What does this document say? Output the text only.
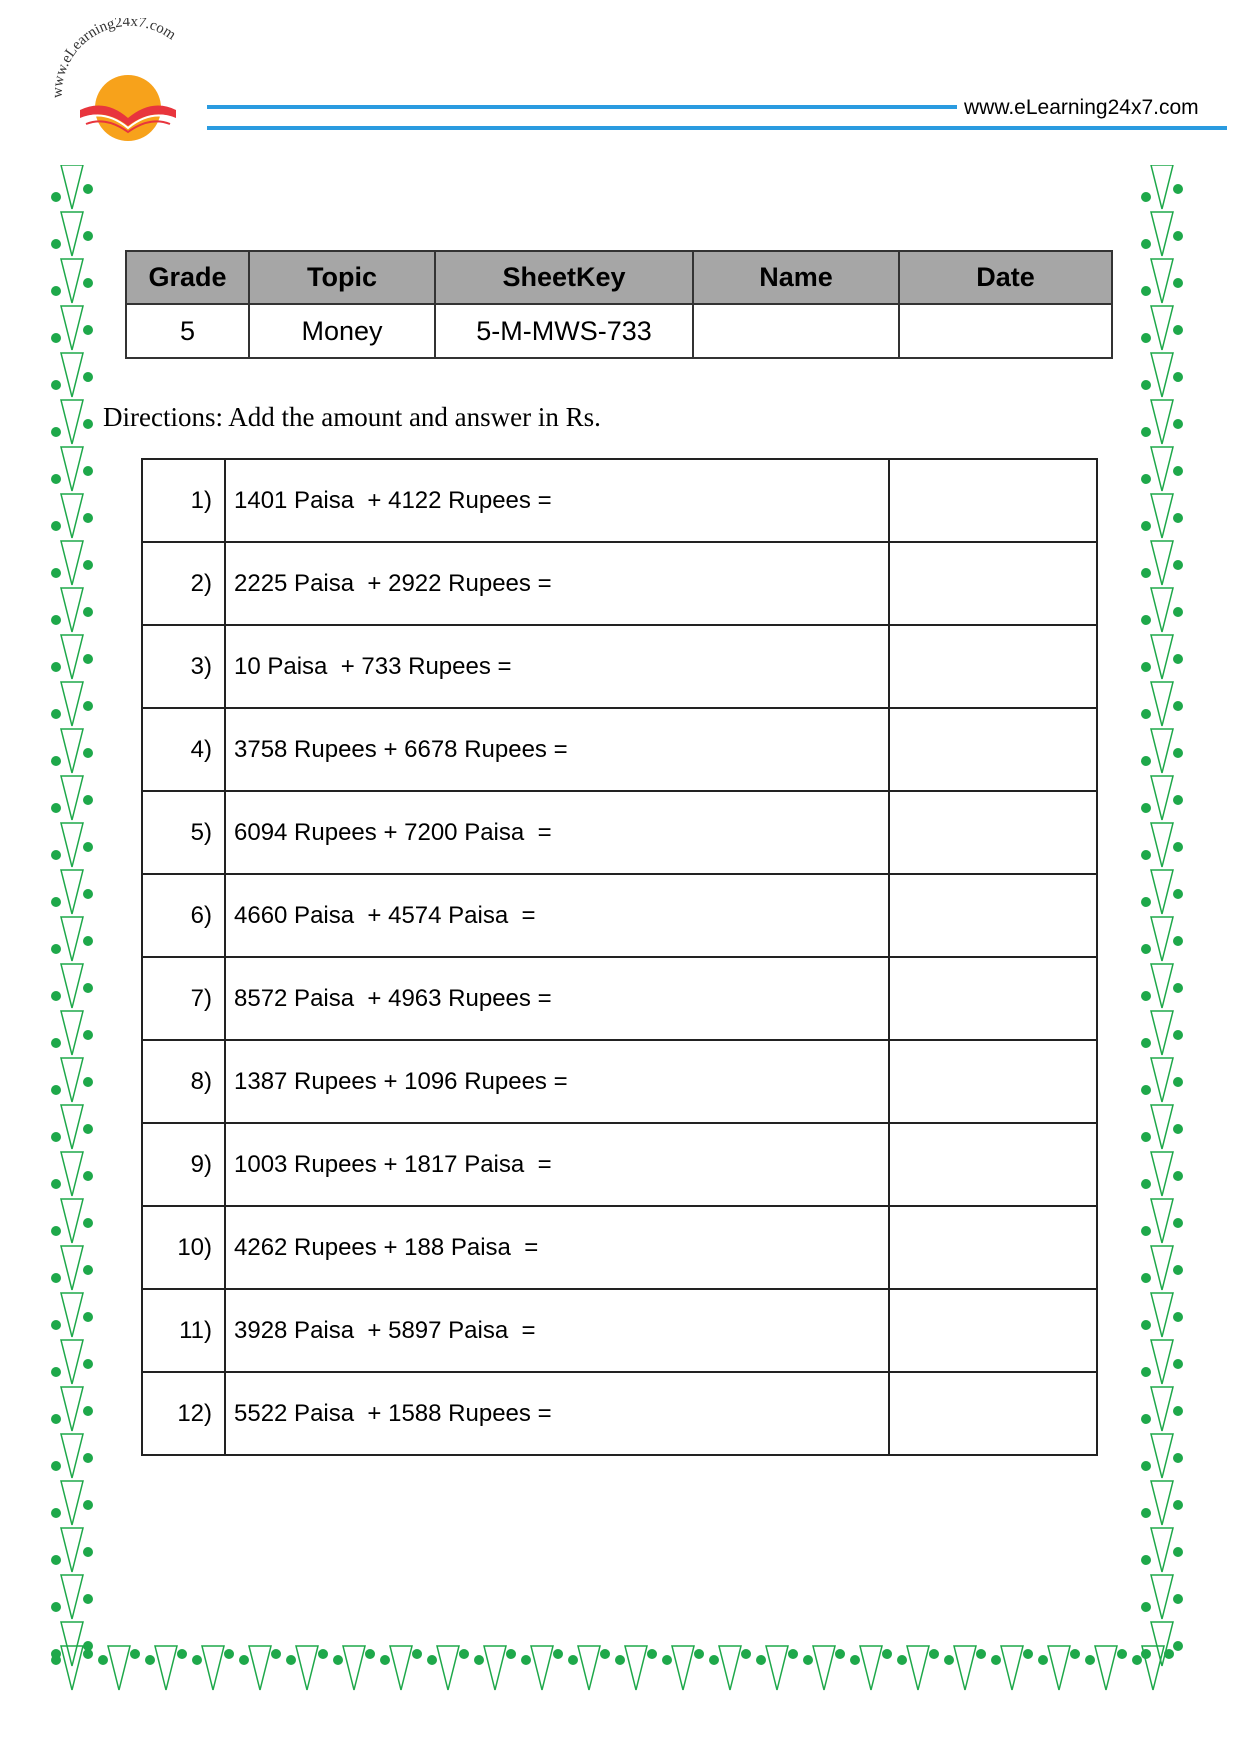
www.eLearning24x7.com
www.eLearning24x7.com
Grade	Topic	SheetKey	Name	Date
5	Money	5-M-MWS-733		
Directions: Add the amount and answer in Rs.
1)	1401 Paisa  + 4122 Rupees =	
2)	2225 Paisa  + 2922 Rupees =	
3)	10 Paisa  + 733 Rupees =	
4)	3758 Rupees + 6678 Rupees =	
5)	6094 Rupees + 7200 Paisa  =	
6)	4660 Paisa  + 4574 Paisa  =	
7)	8572 Paisa  + 4963 Rupees =	
8)	1387 Rupees + 1096 Rupees =	
9)	1003 Rupees + 1817 Paisa  =	
10)	4262 Rupees + 188 Paisa  =	
11)	3928 Paisa  + 5897 Paisa  =	
12)	5522 Paisa  + 1588 Rupees =	
